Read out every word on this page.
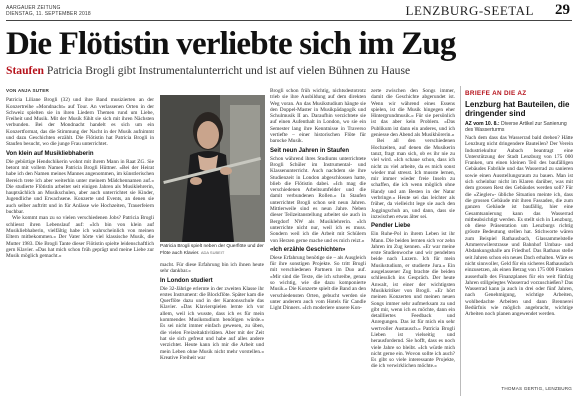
AARGAUER ZEITUNG
DIENSTAG, 11. SEPTEMBER 2018	LENZBURG-SEETAL 29
Die Flötistin verliebte sich im Zug
Staufen Patricia Brogli gibt Instrumentalunterricht und ist auf vielen Bühnen zu Hause
VON ANJA SUTER

Patricia Liliane Brogli (32) und ihre Band musizierten an der Konzertreihe «Mondnacht» auf Tour. An verlassenen Orten in der Schweiz spielten sie in ihren Liedern Themen rund um Liebe, Freiheit und Musik. Mit der Musik fühlt sie sich mit ihren Nächsten verbunden. Bei der Mondnacht handelt es sich um ein Konzertformat, das die Stimmung der Nacht in der Musik aufnimmt und dazu Geschichten erzählt. Die Flötistin hat Patricia Brogli in Staufen besucht, wo die junge Frau unterrichtet.

Von klein auf Musikliebhaberin

Die gebürtige Hendschikerin wohnt mit ihrem Mann in Raat ZG. Sie betont mit vollem Namen Patricia Brogli Hüttner. «Bei der Heirat habe ich den Namen meines Mannes angenommen, im künstlerischen Bereich trete ich aber weiterhin unter meinem Mädchennamen auf.» Die studierte Flötistin arbeitet seit einigen Jahren als Musiklehrerin, hauptsächlich an Musikschulen, aber auch unterrichtet sie Kinder, Jugendliche und Erwachsene. Konzerte und Events, an denen sie auch selber auftritt und in für Anlässe wie Hochzeiten, Trauerfeiern buchbar.

Wie kommt man zu so vielen verschiedenen Jobs? Patricia Brogli schliesst ihren Lebenslauf auf: «Ich bin von klein auf Musikliebhaberin, vielfältig habe ich wahrscheinlich von meinen Eltern mitbekommen.» Der Vater hörte viel klassische Musik, die Mutter 1983. Die Brogli Tante dieser Flötistin spielte leidenschaftlich gern Klavier. «Das hat mich schon früh geprägt und meine Liebe zur Musik möglich gemacht.»

Patricia Brogli spielt neben der Querflöte und der Flöte auch Klavier. ADA SUBEIT

macht. Für diese Erfahrung bin ich ihnen heute sehr dankbar.»

In London studiert

Die 32-Jährige erlernte in der zweiten Klasse ihr erstes Instrument: die Blockflöte. Später kam die Querflöte dazu und in der Kantonsschule das Klavier. «Das Klavierspielen lernte ich vor allem, weil ich wusste, dass ich es für mein kommendes Musikstudium benötigen würde.» Es sei nicht immer einfach gewesen, zu üben, die vielen Freizeitaktivitäten. Aber mit der Zeit hat sie sich gefreut und habe auf alles andere verzichtet. Heute kann ich mir die Arbeit und mein Leben ohne Musik nicht mehr vorstellen.» Kreative Freiheit war

Brogli schon früh wichtig, nichtsdestotrotz trieb sie ihre Ausbildung auf dem direkten Weg voran. An das Musikstudium hängte sie den Doppel-Master in Musikpädagogik und Schulmusik II an. Daraufhin verzichtete sie auf einen Aufenthalt in London, wo sie ein Semester lang ihre Kenntnisse in Traverso vertiefte – einer historischen Flöte für barocke Musik.

Seit neun Jahren in Staufen

Schon während ihres Studiums unterrichtete Brogli Schüler im Instrumental- und Klassenunterricht. Auch nachdem sie ihre Studienzeit in London abgeschlossen hatte, blieb die Flötistin dabei. «Ich mag die verschiedenen Arbeitsumfelder und die damit verbundenen Rollen.» In Staufen unterrichtet Brogli schon seit neun Jahren. Mittlerweile sind es neun Jahre. Neben dieser Teilzeitanstellung arbeitet sie auch in Bergdorf NW als Musiklehrerin. «Ich unterrichte nicht nur, weil ich es muss. Sondern weil ich die Arbeit mit Schülern von Herzen gerne mache und es mich reizt.»

«Ich erzähle Geschichten»

Diese Erfahrung benötige sie – als Ausgleich für ihre sonstigen Projekte. So tritt Brogli mit verschiedenen Partnern im Duo auf. «Mir sind die Texte, die ich schreibe, genau so wichtig, wie die dazu komponierte Musik.» Die Konzerte spielt die Band an den verschiedensten Orten, gebucht werden sie unter anderem auch vom Hotels für Candle Light Dinners. «Ich moderiere unsere Kon-

zerte zwischen den Songs immer, damit die Geschichte abgerundet ist. Wenn wir während eines Essens spielen, ist die Musik hingegen eher Hintergrundmusik.» Für sie persönlich ist das aber kein Problem. «Das Publikum ist dann ein anderes, und ich geniesse den Abend als Musikhörerin.»

Bei all den verschiedenen Hochzeiten, auf denen die Musikerin tanzt, fragt man sich, ob es ihr nie zu viel wird. «Ich schaue schon, dass ich nicht zu viel arbeite, da es mich sonst wieder mal stresst. Ich musste lernen, mir immer wieder freie Inseln zu schaffen, die ich wenn möglich ohne Handy und am Besten in der Natur verbringe.» Heute sei das leichter als früher, da vielleicht lege sie auch den Joggingschuh an, und dann, dass sie inzwischen etwas älter sei.

Pendler Liebe

Ein Ruhe-Pol in ihrem Leben ist ihr Mann. Die beiden lernten sich vor zehn Jahren im Zug kennen. «Er war meine erste Studienwoche und wir pendelten beide nach Luzern. Ich für mein Musikstudium, er studierte Jura.» Ein ausgelassener Zug brachte die beiden schliesslich ins Gespräch. Der heute Anwalt, ist einer der wichtigsten Musikkritiker von Brogli. «Er hört meinen Konzerten und meinen neuen Songs immer sehr aufmerksam zu und gibt mir, wenn ich es möchte, dann ein detailliertes Feedback und Anregungen. Das ist für mich ein sehr wertvoller Austausch.» Patricia Brogli Lieben ist vielseitig und herausfordernd. Sie hofft, dass es noch viele Jahre so bleibt. «Ich würde mich nicht gerne ein. Wovon sollte ich auch? Es gibt so viele interessante Projekte, die ich verwirklichen möchte.»

BRIEFE AN DIE AZ
Lenzburg hat Bauteilen, die dringender sind
AZ vom 10. 8.: Diverse Artikel zur Sanierung des Wasserturms
Nach dem dass das Wasserrad bald drehen? Hätte Lenzburg nicht dringendere Bauteilen? Der Verein Industriekultur Aabach beantragt eine Unterstützung der Stadt Lenzburg von 175 000 Franken, um einen kleinen Teil des baufälligen Gebäudes Fabrikle und das Wasserrad zu sanieren sowie einen Ausstellungsraum zu bauen. Man ist sich scheinbar nicht im Klaren darüber, was mit dem grossen Rest des Gebäudes werden soll? Für die «Ziegler»- übliche Situation meinte ich, dass die grossen Gebäude mit ihren Fassaden, die zum ganzen Gebäude ist baufällig, hier eine Gesamtsanierung kann das Wasserrad mitbeabsichtigt werden. Es stellt sich in Lenzburg, ob diese Präsentation um Lenzburgs richtig grösste Bedeutung stellen hat. Stichworte wären zum Beispiel Rathausbach, Glassammelstelle Ammerswilerstrasse und Bahnhof Umbau- und Abdankungshalle am Friedhof. Das Rathaus stelle seit Jahren schon ein neues Dach erhalten. Wäre es nicht sinnvoller, Geld für ein sicheres Rathausdach einzusetzen, als einen Betrag von 175 000 Franken ausserhalb des Finanzplanes für ein weit fünfzig Jahren stillgelegtes Wasserrad vorzuschießen? Das Wasserrad kann ja auch in drei oder fünf Jahren, nach Genehmigung, wichtige Arbeiten, wohlbedachte Arbeiten und dann Brennerei Bedürfnis wie möglich angebracht, wichtige Arbeiten noch planen angewendet werden.
THOMAS GERTIG, LENZBURG
